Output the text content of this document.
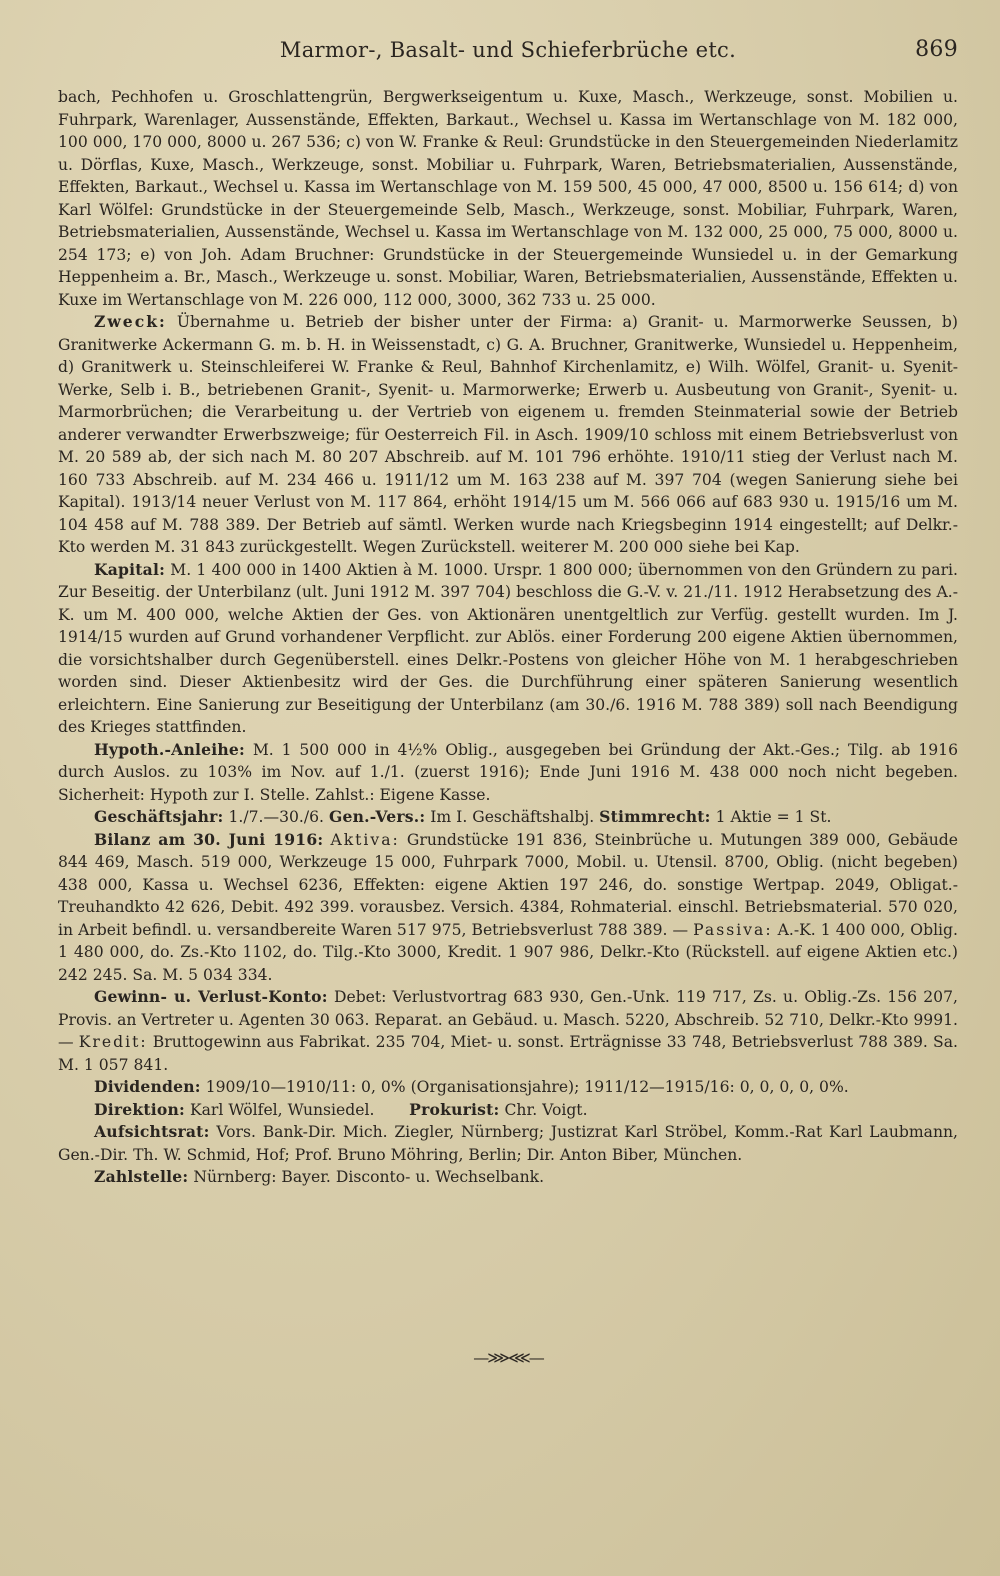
Marmor-, Basalt- und Schieferbrüche etc.	869

bach, Pechhofen u. Groschlattengrün, Bergwerkseigentum u. Kuxe, Masch., Werkzeuge, sonst. Mobilien u. Fuhrpark, Warenlager, Aussenstände, Effekten, Barkaut., Wechsel u. Kassa im Wertanschlage von M. 182 000, 100 000, 170 000, 8000 u. 267 536; c) von W. Franke & Reul: Grundstücke in den Steuergemeinden Niederlamitz u. Dörflas, Kuxe, Masch., Werkzeuge, sonst. Mobiliar u. Fuhrpark, Waren, Betriebsmaterialien, Aussenstände, Effekten, Barkaut., Wechsel u. Kassa im Wertanschlage von M. 159 500, 45 000, 47 000, 8500 u. 156 614; d) von Karl Wölfel: Grundstücke in der Steuergemeinde Selb, Masch., Werkzeuge, sonst. Mobiliar, Fuhrpark, Waren, Betriebsmaterialien, Aussenstände, Wechsel u. Kassa im Wertanschlage von M. 132 000, 25 000, 75 000, 8000 u. 254 173; e) von Joh. Adam Bruchner: Grundstücke in der Steuergemeinde Wunsiedel u. in der Gemarkung Heppenheim a. Br., Masch., Werkzeuge u. sonst. Mobiliar, Waren, Betriebsmaterialien, Aussenstände, Effekten u. Kuxe im Wertanschlage von M. 226 000, 112 000, 3000, 362 733 u. 25 000.

Zweck: Übernahme u. Betrieb der bisher unter der Firma: a) Granit- u. Marmorwerke Seussen, b) Granitwerke Ackermann G. m. b. H. in Weissenstadt, c) G. A. Bruchner, Granitwerke, Wunsiedel u. Heppenheim, d) Granitwerk u. Steinschleiferei W. Franke & Reul, Bahnhof Kirchenlamitz, e) Wilh. Wölfel, Granit- u. Syenit-Werke, Selb i. B., betriebenen Granit-, Syenit- u. Marmorwerke; Erwerb u. Ausbeutung von Granit-, Syenit- u. Marmorbrüchen; die Verarbeitung u. der Vertrieb von eigenem u. fremden Steinmaterial sowie der Betrieb anderer verwandter Erwerbszweige; für Oesterreich Fil. in Asch. 1909/10 schloss mit einem Betriebsverlust von M. 20 589 ab, der sich nach M. 80 207 Abschreib. auf M. 101 796 erhöhte. 1910/11 stieg der Verlust nach M. 160 733 Abschreib. auf M. 234 466 u. 1911/12 um M. 163 238 auf M. 397 704 (wegen Sanierung siehe bei Kapital). 1913/14 neuer Verlust von M. 117 864, erhöht 1914/15 um M. 566 066 auf 683 930 u. 1915/16 um M. 104 458 auf M. 788 389. Der Betrieb auf sämtl. Werken wurde nach Kriegsbeginn 1914 eingestellt; auf Delkr.-Kto werden M. 31 843 zurückgestellt. Wegen Zurückstell. weiterer M. 200 000 siehe bei Kap.

Kapital: M. 1 400 000 in 1400 Aktien à M. 1000. Urspr. 1 800 000; übernommen von den Gründern zu pari. Zur Beseitig. der Unterbilanz (ult. Juni 1912 M. 397 704) beschloss die G.-V. v. 21./11. 1912 Herabsetzung des A.-K. um M. 400 000, welche Aktien der Ges. von Aktionären unentgeltlich zur Verfüg. gestellt wurden. Im J. 1914/15 wurden auf Grund vorhandener Verpflicht. zur Ablös. einer Forderung 200 eigene Aktien übernommen, die vorsichtshalber durch Gegenüberstell. eines Delkr.-Postens von gleicher Höhe von M. 1 herabgeschrieben worden sind. Dieser Aktienbesitz wird der Ges. die Durchführung einer späteren Sanierung wesentlich erleichtern. Eine Sanierung zur Beseitigung der Unterbilanz (am 30./6. 1916 M. 788 389) soll nach Beendigung des Krieges stattfinden.

Hypoth.-Anleihe: M. 1 500 000 in 4½% Oblig., ausgegeben bei Gründung der Akt.-Ges.; Tilg. ab 1916 durch Auslos. zu 103% im Nov. auf 1./1. (zuerst 1916); Ende Juni 1916 M. 438 000 noch nicht begeben. Sicherheit: Hypoth zur I. Stelle. Zahlst.: Eigene Kasse.

Geschäftsjahr: 1./7.—30./6. Gen.-Vers.: Im I. Geschäftshalbj. Stimmrecht: 1 Aktie = 1 St.

Bilanz am 30. Juni 1916: Aktiva: Grundstücke 191 836, Steinbrüche u. Mutungen 389 000, Gebäude 844 469, Masch. 519 000, Werkzeuge 15 000, Fuhrpark 7000, Mobil. u. Utensil. 8700, Oblig. (nicht begeben) 438 000, Kassa u. Wechsel 6236, Effekten: eigene Aktien 197 246, do. sonstige Wertpap. 2049, Obligat.-Treuhandkto 42 626, Debit. 492 399. vorausbez. Versich. 4384, Rohmaterial. einschl. Betriebsmaterial. 570 020, in Arbeit befindl. u. versandbereite Waren 517 975, Betriebsverlust 788 389. — Passiva: A.-K. 1 400 000, Oblig. 1 480 000, do. Zs.-Kto 1102, do. Tilg.-Kto 3000, Kredit. 1 907 986, Delkr.-Kto (Rückstell. auf eigene Aktien etc.) 242 245. Sa. M. 5 034 334.

Gewinn- u. Verlust-Konto: Debet: Verlustvortrag 683 930, Gen.-Unk. 119 717, Zs. u. Oblig.-Zs. 156 207, Provis. an Vertreter u. Agenten 30 063. Reparat. an Gebäud. u. Masch. 5220, Abschreib. 52 710, Delkr.-Kto 9991. — Kredit: Bruttogewinn aus Fabrikat. 235 704, Miet- u. sonst. Erträgnisse 33 748, Betriebsverlust 788 389. Sa. M. 1 057 841.

Dividenden: 1909/10—1910/11: 0, 0% (Organisationsjahre); 1911/12—1915/16: 0, 0, 0, 0, 0%.

Direktion: Karl Wölfel, Wunsiedel. Prokurist: Chr. Voigt.

Aufsichtsrat: Vors. Bank-Dir. Mich. Ziegler, Nürnberg; Justizrat Karl Ströbel, Komm.-Rat Karl Laubmann, Gen.-Dir. Th. W. Schmid, Hof; Prof. Bruno Möhring, Berlin; Dir. Anton Biber, München.

Zahlstelle: Nürnberg: Bayer. Disconto- u. Wechselbank.

—⋙⋘—
